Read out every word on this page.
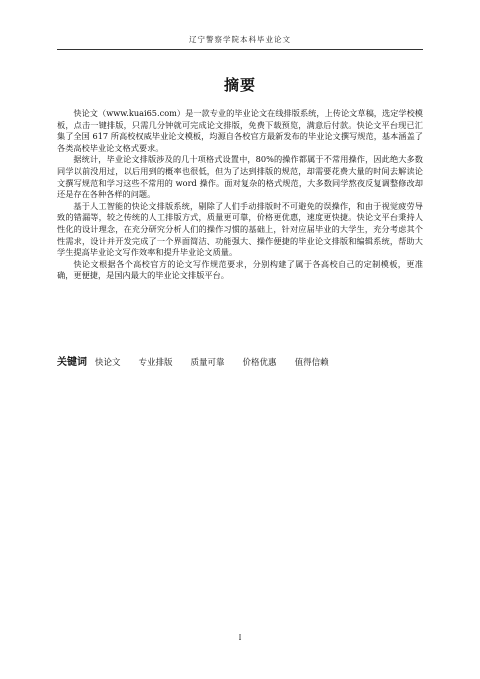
辽宁警察学院本科毕业论文
摘要

快论文（www.kuai65.com）是一款专业的毕业论文在线排版系统，上传论文草稿，选定学校模板，点击一键排版，只需几分钟就可完成论文排版，免费下载预览，满意后付款。快论文平台现已汇集了全国 617 所高校权威毕业论文模板，均源自各校官方最新发布的毕业论文撰写规范，基本涵盖了各类高校毕业论文格式要求。

据统计，毕业论文排版涉及的几十项格式设置中，80%的操作都属于不常用操作，因此绝大多数同学以前没用过，以后用到的概率也很低，但为了达到排版的规范，却需要花费大量的时间去解读论文撰写规范和学习这些不常用的 word 操作。面对复杂的格式规范，大多数同学熬夜反复调整修改却还是存在各种各样的问题。

基于人工智能的快论文排版系统，剔除了人们手动排版时不可避免的误操作，和由于视觉疲劳导致的错漏等，较之传统的人工排版方式，质量更可靠，价格更优惠，速度更快捷。快论文平台秉持人性化的设计理念，在充分研究分析人们的操作习惯的基础上，针对应届毕业的大学生，充分考虑其个性需求，设计并开发完成了一个界面简洁、功能强大、操作便捷的毕业论文排版和编辑系统，帮助大学生提高毕业论文写作效率和提升毕业论文质量。

快论文根据各个高校官方的论文写作规范要求，分别构建了属于各高校自己的定制模板，更准确，更便捷，是国内最大的毕业论文排版平台。

关键词 快论文 专业排版 质量可靠 价格优惠 值得信赖
I
